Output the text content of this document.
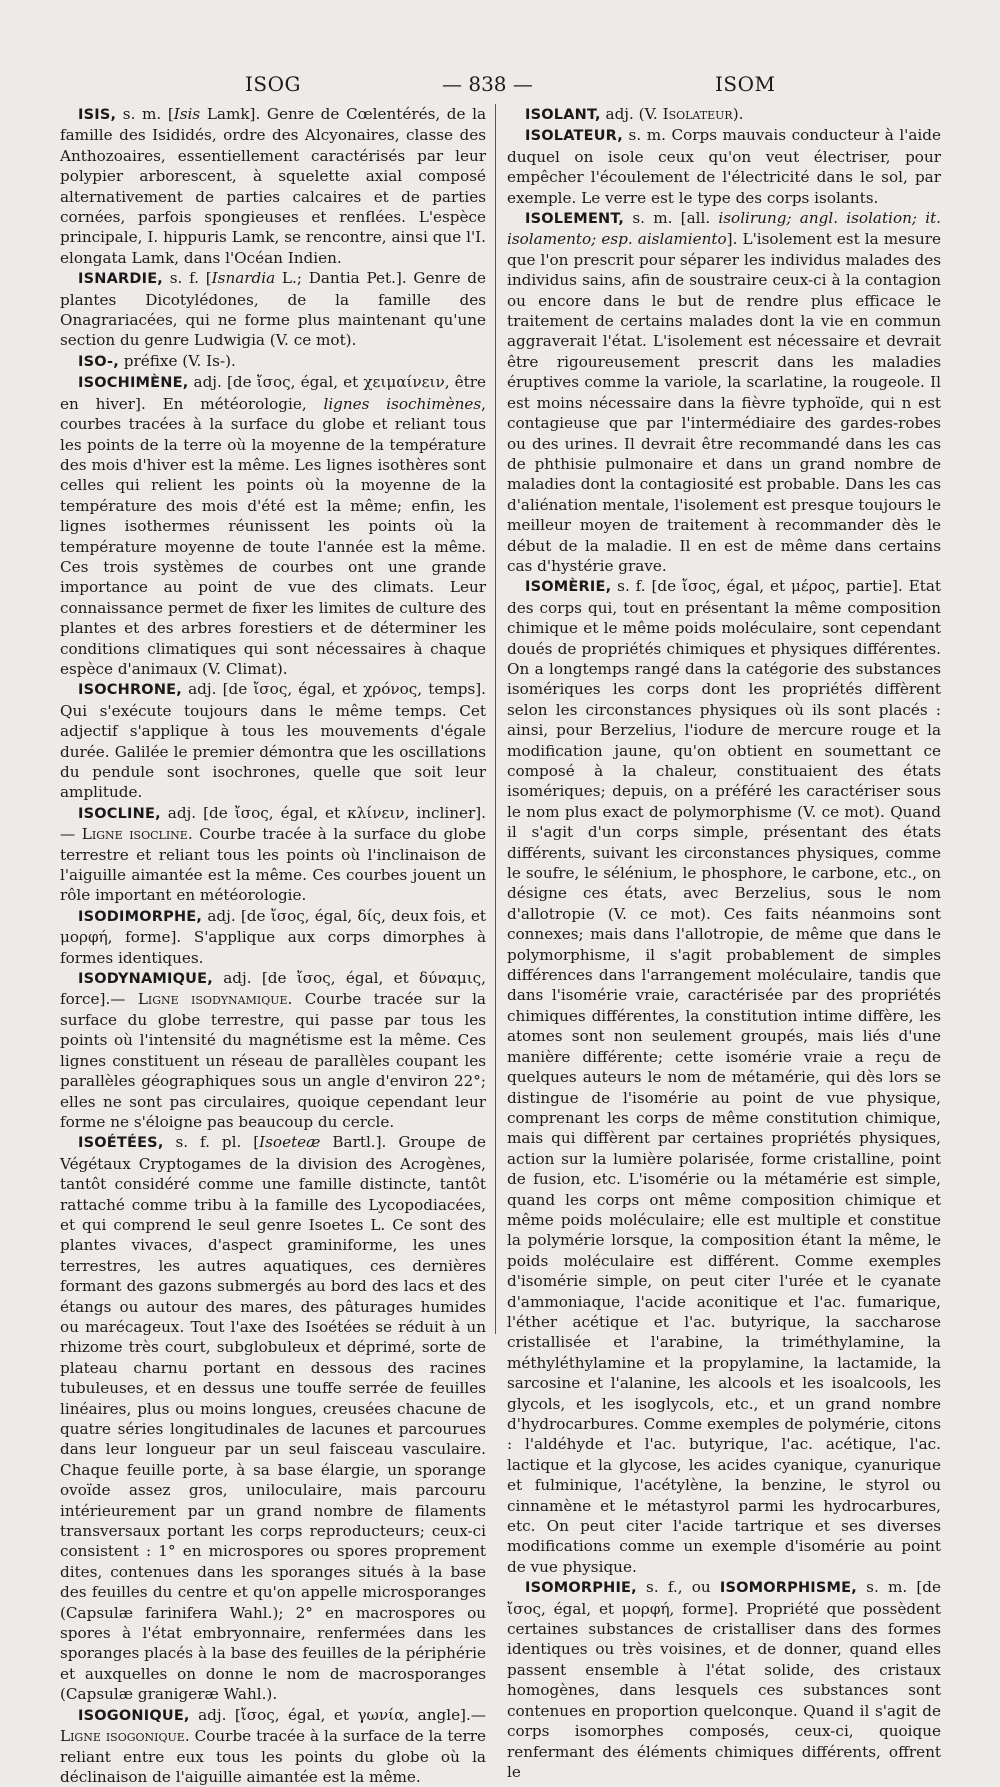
ISOG	— 838 —	ISOM

ISIS, s. m. [Isis Lamk]. Genre de Cœlentérés, de la famille des Isididés, ordre des Alcyonaires, classe des Anthozoaires, essentiellement caractérisés par leur polypier arborescent, à squelette axial composé alternativement de parties calcaires et de parties cornées, parfois spongieuses et renflées. L'espèce principale, I. hippuris Lamk, se rencontre, ainsi que l'I. elongata Lamk, dans l'Océan Indien.

ISNARDIE, s. f. [Isnardia L.; Dantia Pet.]. Genre de plantes Dicotylédones, de la famille des Onagrariacées, qui ne forme plus maintenant qu'une section du genre Ludwigia (V. ce mot).

ISO-, préfixe (V. Is-).

ISOCHIMÈNE, adj. [de ἴσος, égal, et χειμαίνειν, être en hiver]. En météorologie, lignes isochimènes, courbes tracées à la surface du globe et reliant tous les points de la terre où la moyenne de la température des mois d'hiver est la même. Les lignes isothères sont celles qui relient les points où la moyenne de la température des mois d'été est la même; enfin, les lignes isothermes réunissent les points où la température moyenne de toute l'année est la même. Ces trois systèmes de courbes ont une grande importance au point de vue des climats. Leur connaissance permet de fixer les limites de culture des plantes et des arbres forestiers et de déterminer les conditions climatiques qui sont nécessaires à chaque espèce d'animaux (V. Climat).

ISOCHRONE, adj. [de ἴσος, égal, et χρόνος, temps]. Qui s'exécute toujours dans le même temps. Cet adjectif s'applique à tous les mouvements d'égale durée. Galilée le premier démontra que les oscillations du pendule sont isochrones, quelle que soit leur amplitude.

ISOCLINE, adj. [de ἴσος, égal, et κλίνειν, incliner]. — Ligne isocline. Courbe tracée à la surface du globe terrestre et reliant tous les points où l'inclinaison de l'aiguille aimantée est la même. Ces courbes jouent un rôle important en météorologie.

ISODIMORPHE, adj. [de ἴσος, égal, δίς, deux fois, et μορφή, forme]. S'applique aux corps dimorphes à formes identiques.

ISODYNAMIQUE, adj. [de ἴσος, égal, et δύναμις, force].— Ligne isodynamique. Courbe tracée sur la surface du globe terrestre, qui passe par tous les points où l'intensité du magnétisme est la même. Ces lignes constituent un réseau de parallèles coupant les parallèles géographiques sous un angle d'environ 22°; elles ne sont pas circulaires, quoique cependant leur forme ne s'éloigne pas beaucoup du cercle.

ISOÉTÉES, s. f. pl. [Isoeteæ Bartl.]. Groupe de Végétaux Cryptogames de la division des Acrogènes, tantôt considéré comme une famille distincte, tantôt rattaché comme tribu à la famille des Lycopodiacées, et qui comprend le seul genre Isoetes L. Ce sont des plantes vivaces, d'aspect graminiforme, les unes terrestres, les autres aquatiques, ces dernières formant des gazons submergés au bord des lacs et des étangs ou autour des mares, des pâturages humides ou marécageux. Tout l'axe des Isoétées se réduit à un rhizome très court, subglobuleux et déprimé, sorte de plateau charnu portant en dessous des racines tubuleuses, et en dessus une touffe serrée de feuilles linéaires, plus ou moins longues, creusées chacune de quatre séries longitudinales de lacunes et parcourues dans leur longueur par un seul faisceau vasculaire. Chaque feuille porte, à sa base élargie, un sporange ovoïde assez gros, uniloculaire, mais parcouru intérieurement par un grand nombre de filaments transversaux portant les corps reproducteurs; ceux-ci consistent : 1° en microspores ou spores proprement dites, contenues dans les sporanges situés à la base des feuilles du centre et qu'on appelle microsporanges (Capsulæ farinifera Wahl.); 2° en macrospores ou spores à l'état embryonnaire, renfermées dans les sporanges placés à la base des feuilles de la périphérie et auxquelles on donne le nom de macrosporanges (Capsulæ granigeræ Wahl.).

ISOGONIQUE, adj. [ἴσος, égal, et γωνία, angle].— Ligne isogonique. Courbe tracée à la surface de la terre reliant entre eux tous les points du globe où la déclinaison de l'aiguille aimantée est la même.

ISOLANT, adj. (V. Isolateur).

ISOLATEUR, s. m. Corps mauvais conducteur à l'aide duquel on isole ceux qu'on veut électriser, pour empêcher l'écoulement de l'électricité dans le sol, par exemple. Le verre est le type des corps isolants.

ISOLEMENT, s. m. [all. isolirung; angl. isolation; it. isolamento; esp. aislamiento]. L'isolement est la mesure que l'on prescrit pour séparer les individus malades des individus sains, afin de soustraire ceux-ci à la contagion ou encore dans le but de rendre plus efficace le traitement de certains malades dont la vie en commun aggraverait l'état. L'isolement est nécessaire et devrait être rigoureusement prescrit dans les maladies éruptives comme la variole, la scarlatine, la rougeole. Il est moins nécessaire dans la fièvre typhoïde, qui n est contagieuse que par l'intermédiaire des gardes-robes ou des urines. Il devrait être recommandé dans les cas de phthisie pulmonaire et dans un grand nombre de maladies dont la contagiosité est probable. Dans les cas d'aliénation mentale, l'isolement est presque toujours le meilleur moyen de traitement à recommander dès le début de la maladie. Il en est de même dans certains cas d'hystérie grave.

ISOMÈRIE, s. f. [de ἴσος, égal, et μέρος, partie]. Etat des corps qui, tout en présentant la même composition chimique et le même poids moléculaire, sont cependant doués de propriétés chimiques et physiques différentes. On a longtemps rangé dans la catégorie des substances isomériques les corps dont les propriétés diffèrent selon les circonstances physiques où ils sont placés : ainsi, pour Berzelius, l'iodure de mercure rouge et la modification jaune, qu'on obtient en soumettant ce composé à la chaleur, constituaient des états isomériques; depuis, on a préféré les caractériser sous le nom plus exact de polymorphisme (V. ce mot). Quand il s'agit d'un corps simple, présentant des états différents, suivant les circonstances physiques, comme le soufre, le sélénium, le phosphore, le carbone, etc., on désigne ces états, avec Berzelius, sous le nom d'allotropie (V. ce mot). Ces faits néanmoins sont connexes; mais dans l'allotropie, de même que dans le polymorphisme, il s'agit probablement de simples différences dans l'arrangement moléculaire, tandis que dans l'isomérie vraie, caractérisée par des propriétés chimiques différentes, la constitution intime diffère, les atomes sont non seulement groupés, mais liés d'une manière différente; cette isomérie vraie a reçu de quelques auteurs le nom de métamérie, qui dès lors se distingue de l'isomérie au point de vue physique, comprenant les corps de même constitution chimique, mais qui diffèrent par certaines propriétés physiques, action sur la lumière polarisée, forme cristalline, point de fusion, etc. L'isomérie ou la métamérie est simple, quand les corps ont même composition chimique et même poids moléculaire; elle est multiple et constitue la polymérie lorsque, la composition étant la même, le poids moléculaire est différent. Comme exemples d'isomérie simple, on peut citer l'urée et le cyanate d'ammoniaque, l'acide aconitique et l'ac. fumarique, l'éther acétique et l'ac. butyrique, la saccharose cristallisée et l'arabine, la triméthylamine, la méthyléthylamine et la propylamine, la lactamide, la sarcosine et l'alanine, les alcools et les isoalcools, les glycols, et les isoglycols, etc., et un grand nombre d'hydrocarbures. Comme exemples de polymérie, citons : l'aldéhyde et l'ac. butyrique, l'ac. acétique, l'ac. lactique et la glycose, les acides cyanique, cyanurique et fulminique, l'acétylène, la benzine, le styrol ou cinnamène et le métastyrol parmi les hydrocarbures, etc. On peut citer l'acide tartrique et ses diverses modifications comme un exemple d'isomérie au point de vue physique.

ISOMORPHIE, s. f., ou ISOMORPHISME, s. m. [de ἴσος, égal, et μορφή, forme]. Propriété que possèdent certaines substances de cristalliser dans des formes identiques ou très voisines, et de donner, quand elles passent ensemble à l'état solide, des cristaux homogènes, dans lesquels ces substances sont contenues en proportion quelconque. Quand il s'agit de corps isomorphes composés, ceux-ci, quoique renfermant des éléments chimiques différents, offrent le
